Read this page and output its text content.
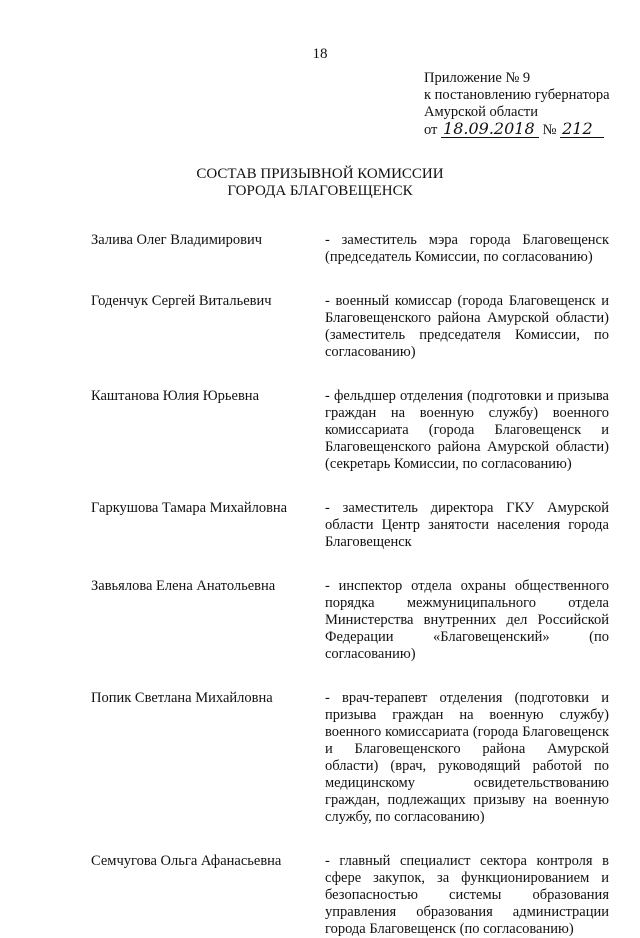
18
Приложение № 9
к постановлению губернатора
Амурской области
от 18.09.2018 № 212
СОСТАВ ПРИЗЫВНОЙ КОМИССИИ
ГОРОДА БЛАГОВЕЩЕНСК
Залива Олег Владимирович	- заместитель мэра города Благовещенск (председатель Комиссии, по согласованию)
Годенчук Сергей Витальевич	- военный комиссар (города Благовещенск и Благовещенского района Амурской области) (заместитель председателя Комиссии, по согласованию)
Каштанова Юлия Юрьевна	- фельдшер отделения (подготовки и призыва граждан на военную службу) военного комиссариата (города Благовещенск и Благовещенского района Амурской области) (секретарь Комиссии, по согласованию)
Гаркушова Тамара Михайловна	- заместитель директора ГКУ Амурской области Центр занятости населения города Благовещенск
Завьялова Елена Анатольевна	- инспектор отдела охраны общественного порядка межмуниципального отдела Министерства внутренних дел Российской Федерации «Благовещенский» (по согласованию)
Попик Светлана Михайловна	- врач-терапевт отделения (подготовки и призыва граждан на военную службу) военного комиссариата (города Благовещенск и Благовещенского района Амурской области) (врач, руководящий работой по медицинскому освидетельствованию граждан, подлежащих призыву на военную службу, по согласованию)
Семчугова Ольга Афанасьевна	- главный специалист сектора контроля в сфере закупок, за функционированием и безопасностью системы образования управления образования администрации города Благовещенск (по согласованию)
